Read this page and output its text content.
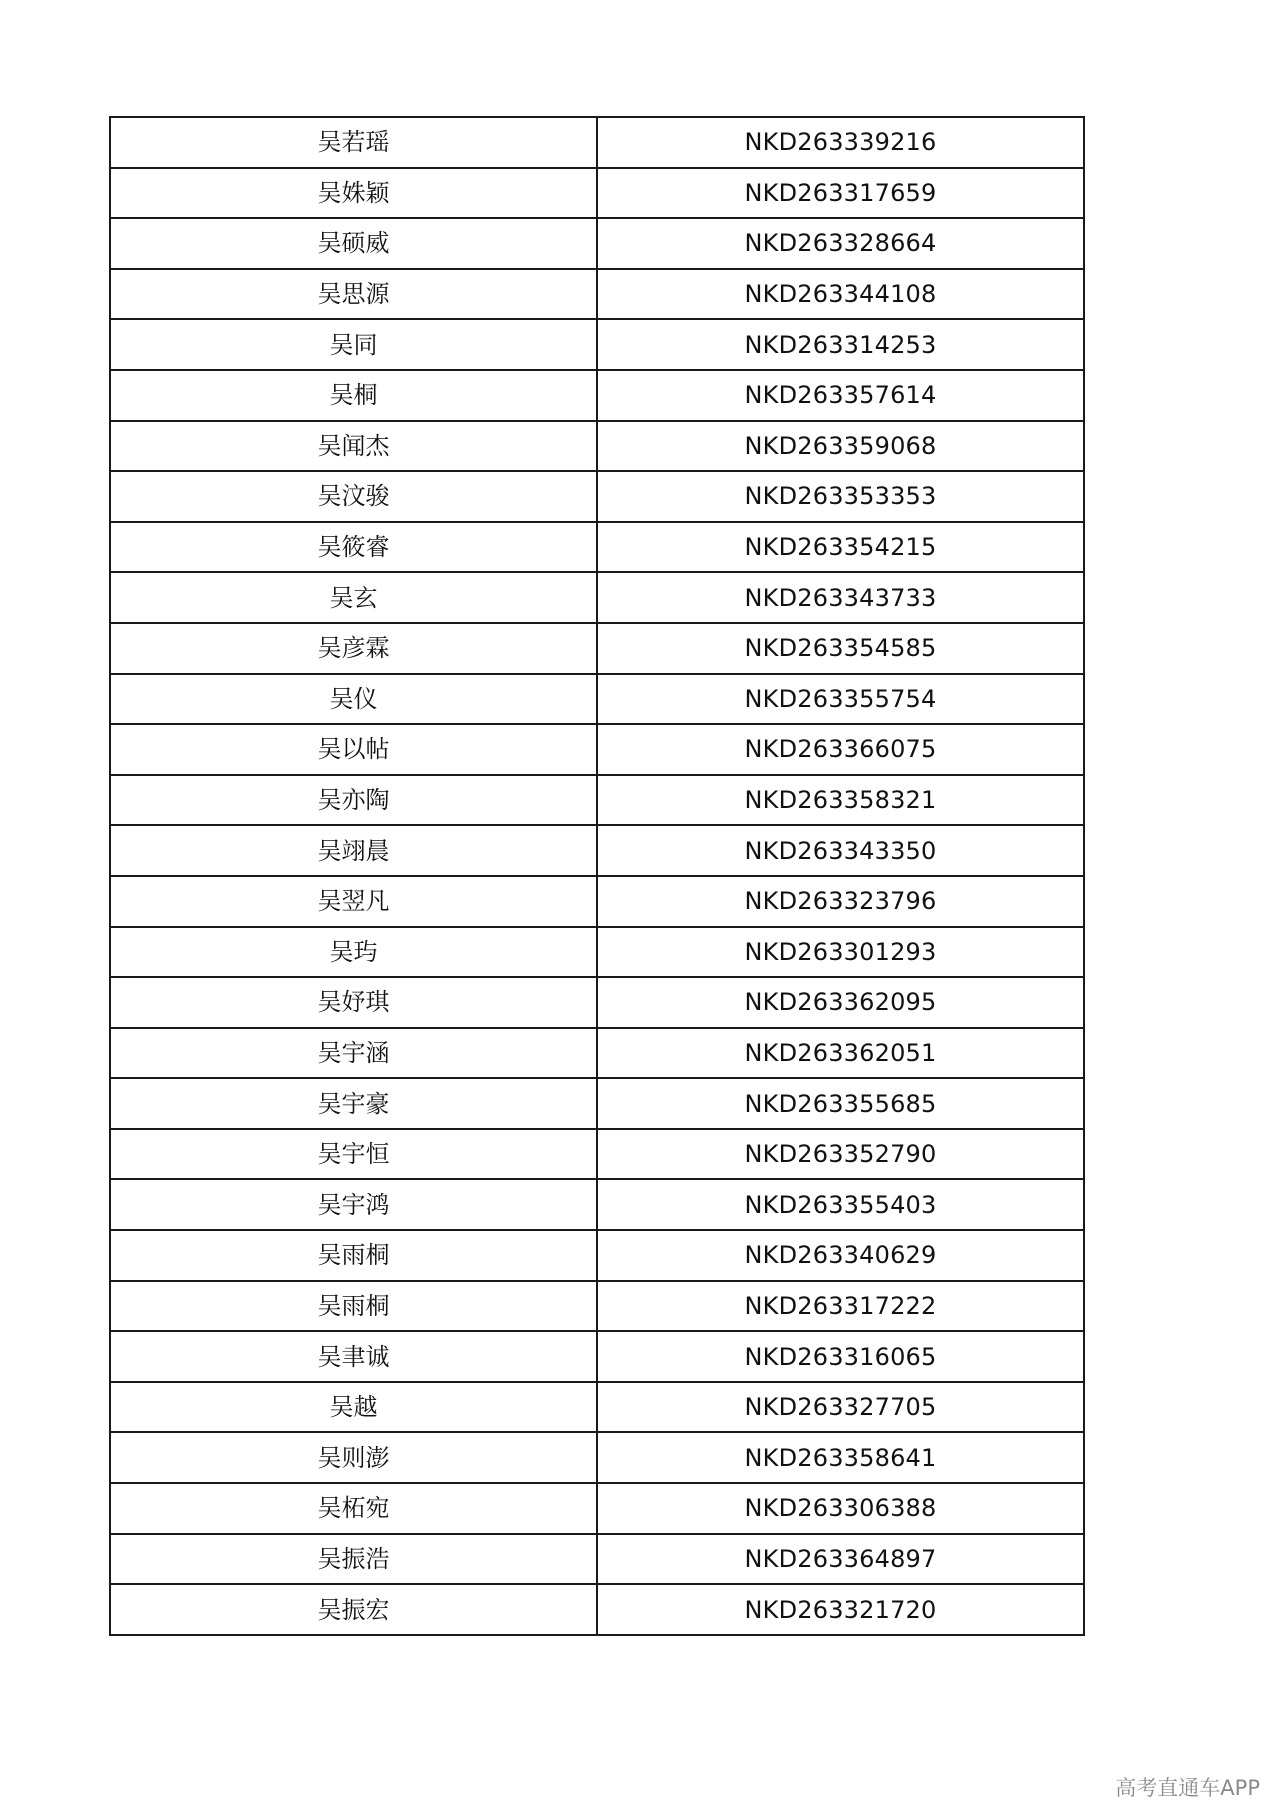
吴若瑶	NKD263339216
吴姝颖	NKD263317659
吴硕威	NKD263328664
吴思源	NKD263344108
吴同	NKD263314253
吴桐	NKD263357614
吴闻杰	NKD263359068
吴汶骏	NKD263353353
吴筱睿	NKD263354215
吴玄	NKD263343733
吴彦霖	NKD263354585
吴仪	NKD263355754
吴以帖	NKD263366075
吴亦陶	NKD263358321
吴翊晨	NKD263343350
吴翌凡	NKD263323796
吴玙	NKD263301293
吴妤琪	NKD263362095
吴宇涵	NKD263362051
吴宇豪	NKD263355685
吴宇恒	NKD263352790
吴宇鸿	NKD263355403
吴雨桐	NKD263340629
吴雨桐	NKD263317222
吴聿诚	NKD263316065
吴越	NKD263327705
吴则澎	NKD263358641
吴柘宛	NKD263306388
吴振浩	NKD263364897
吴振宏	NKD263321720
高考直通车APP
